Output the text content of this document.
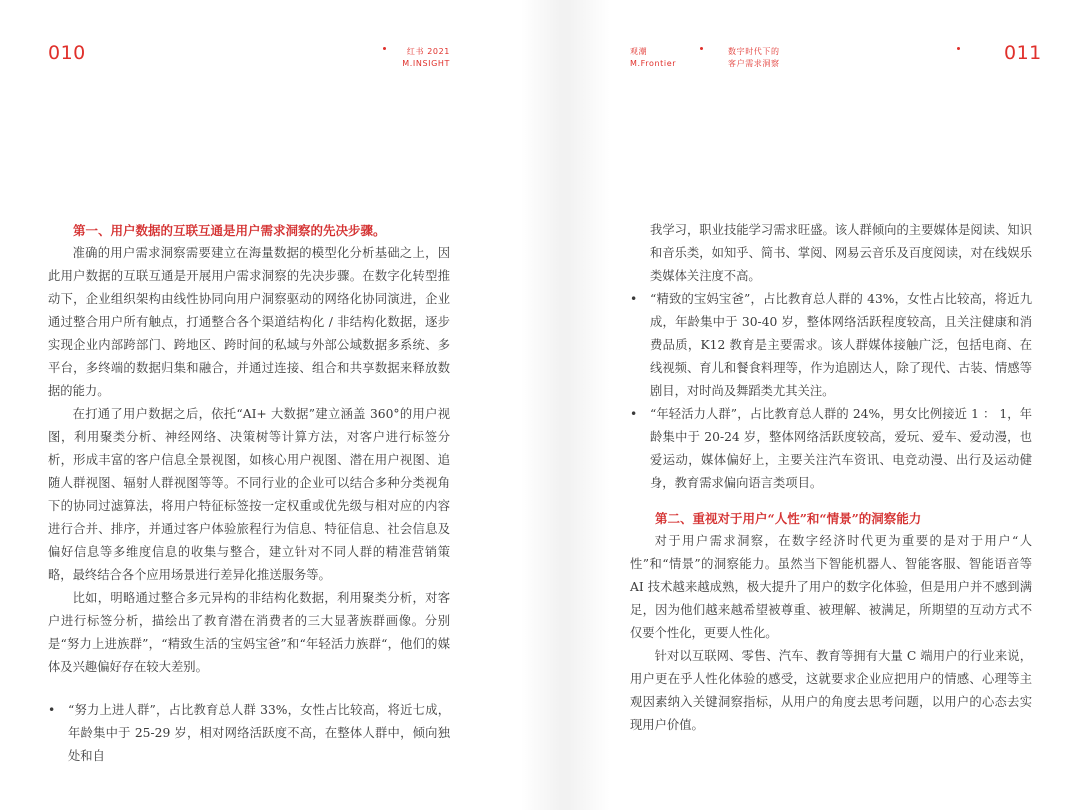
010	红书 2021
M.INSIGHT
观潮
M.Frontier
数字时代下的
客户需求洞察	011
第一、用户数据的互联互通是用户需求洞察的先决步骤。

准确的用户需求洞察需要建立在海量数据的模型化分析基础之上，因此用户数据的互联互通是开展用户需求洞察的先决步骤。在数字化转型推动下，企业组织架构由线性协同向用户洞察驱动的网络化协同演进，企业通过整合用户所有触点，打通整合各个渠道结构化 / 非结构化数据，逐步实现企业内部跨部门、跨地区、跨时间的私域与外部公域数据多系统、多平台，多终端的数据归集和融合，并通过连接、组合和共享数据来释放数据的能力。

在打通了用户数据之后，依托“AI+ 大数据”建立涵盖 360°的用户视图，利用聚类分析、神经网络、决策树等计算方法，对客户进行标签分析，形成丰富的客户信息全景视图，如核心用户视图、潜在用户视图、追随人群视图、辐射人群视图等等。不同行业的企业可以结合多种分类视角下的协同过滤算法，将用户特征标签按一定权重或优先级与相对应的内容进行合并、排序，并通过客户体验旅程行为信息、特征信息、社会信息及偏好信息等多维度信息的收集与整合，建立针对不同人群的精准营销策略，最终结合各个应用场景进行差异化推送服务等。

比如，明略通过整合多元异构的非结构化数据，利用聚类分析，对客户进行标签分析，描绘出了教育潜在消费者的三大显著族群画像。分别是“努力上进族群”，“精致生活的宝妈宝爸”和“年轻活力族群“，他们的媒体及兴趣偏好存在较大差别。

• “努力上进人群”，占比教育总人群 33%，女性占比较高，将近七成，年龄集中于 25-29 岁，相对网络活跃度不高，在整体人群中，倾向独处和自

我学习，职业技能学习需求旺盛。该人群倾向的主要媒体是阅读、知识和音乐类，如知乎、简书、掌阅、网易云音乐及百度阅读，对在线娱乐类媒体关注度不高。

• “精致的宝妈宝爸”，占比教育总人群的 43%，女性占比较高，将近九成，年龄集中于 30-40 岁，整体网络活跃程度较高，且关注健康和消费品质，K12 教育是主要需求。该人群媒体接触广泛，包括电商、在线视频、育儿和餐食料理等，作为追剧达人，除了现代、古装、情感等剧目，对时尚及舞蹈类尤其关注。

• “年轻活力人群”，占比教育总人群的 24%，男女比例接近 1 ： 1，年龄集中于 20-24 岁，整体网络活跃度较高，爱玩、爱车、爱动漫，也爱运动，媒体偏好上，主要关注汽车资讯、电竞动漫、出行及运动健身，教育需求偏向语言类项目。

第二、重视对于用户“人性”和“情景”的洞察能力

对于用户需求洞察，在数字经济时代更为重要的是对于用户“人性”和“情景”的洞察能力。虽然当下智能机器人、智能客服、智能语音等 AI 技术越来越成熟，极大提升了用户的数字化体验，但是用户并不感到满足，因为他们越来越希望被尊重、被理解、被满足，所期望的互动方式不仅要个性化，更要人性化。

针对以互联网、零售、汽车、教育等拥有大量 C 端用户的行业来说，用户更在乎人性化体验的感受，这就要求企业应把用户的情感、心理等主观因素纳入关键洞察指标，从用户的角度去思考问题，以用户的心态去实现用户价值。
